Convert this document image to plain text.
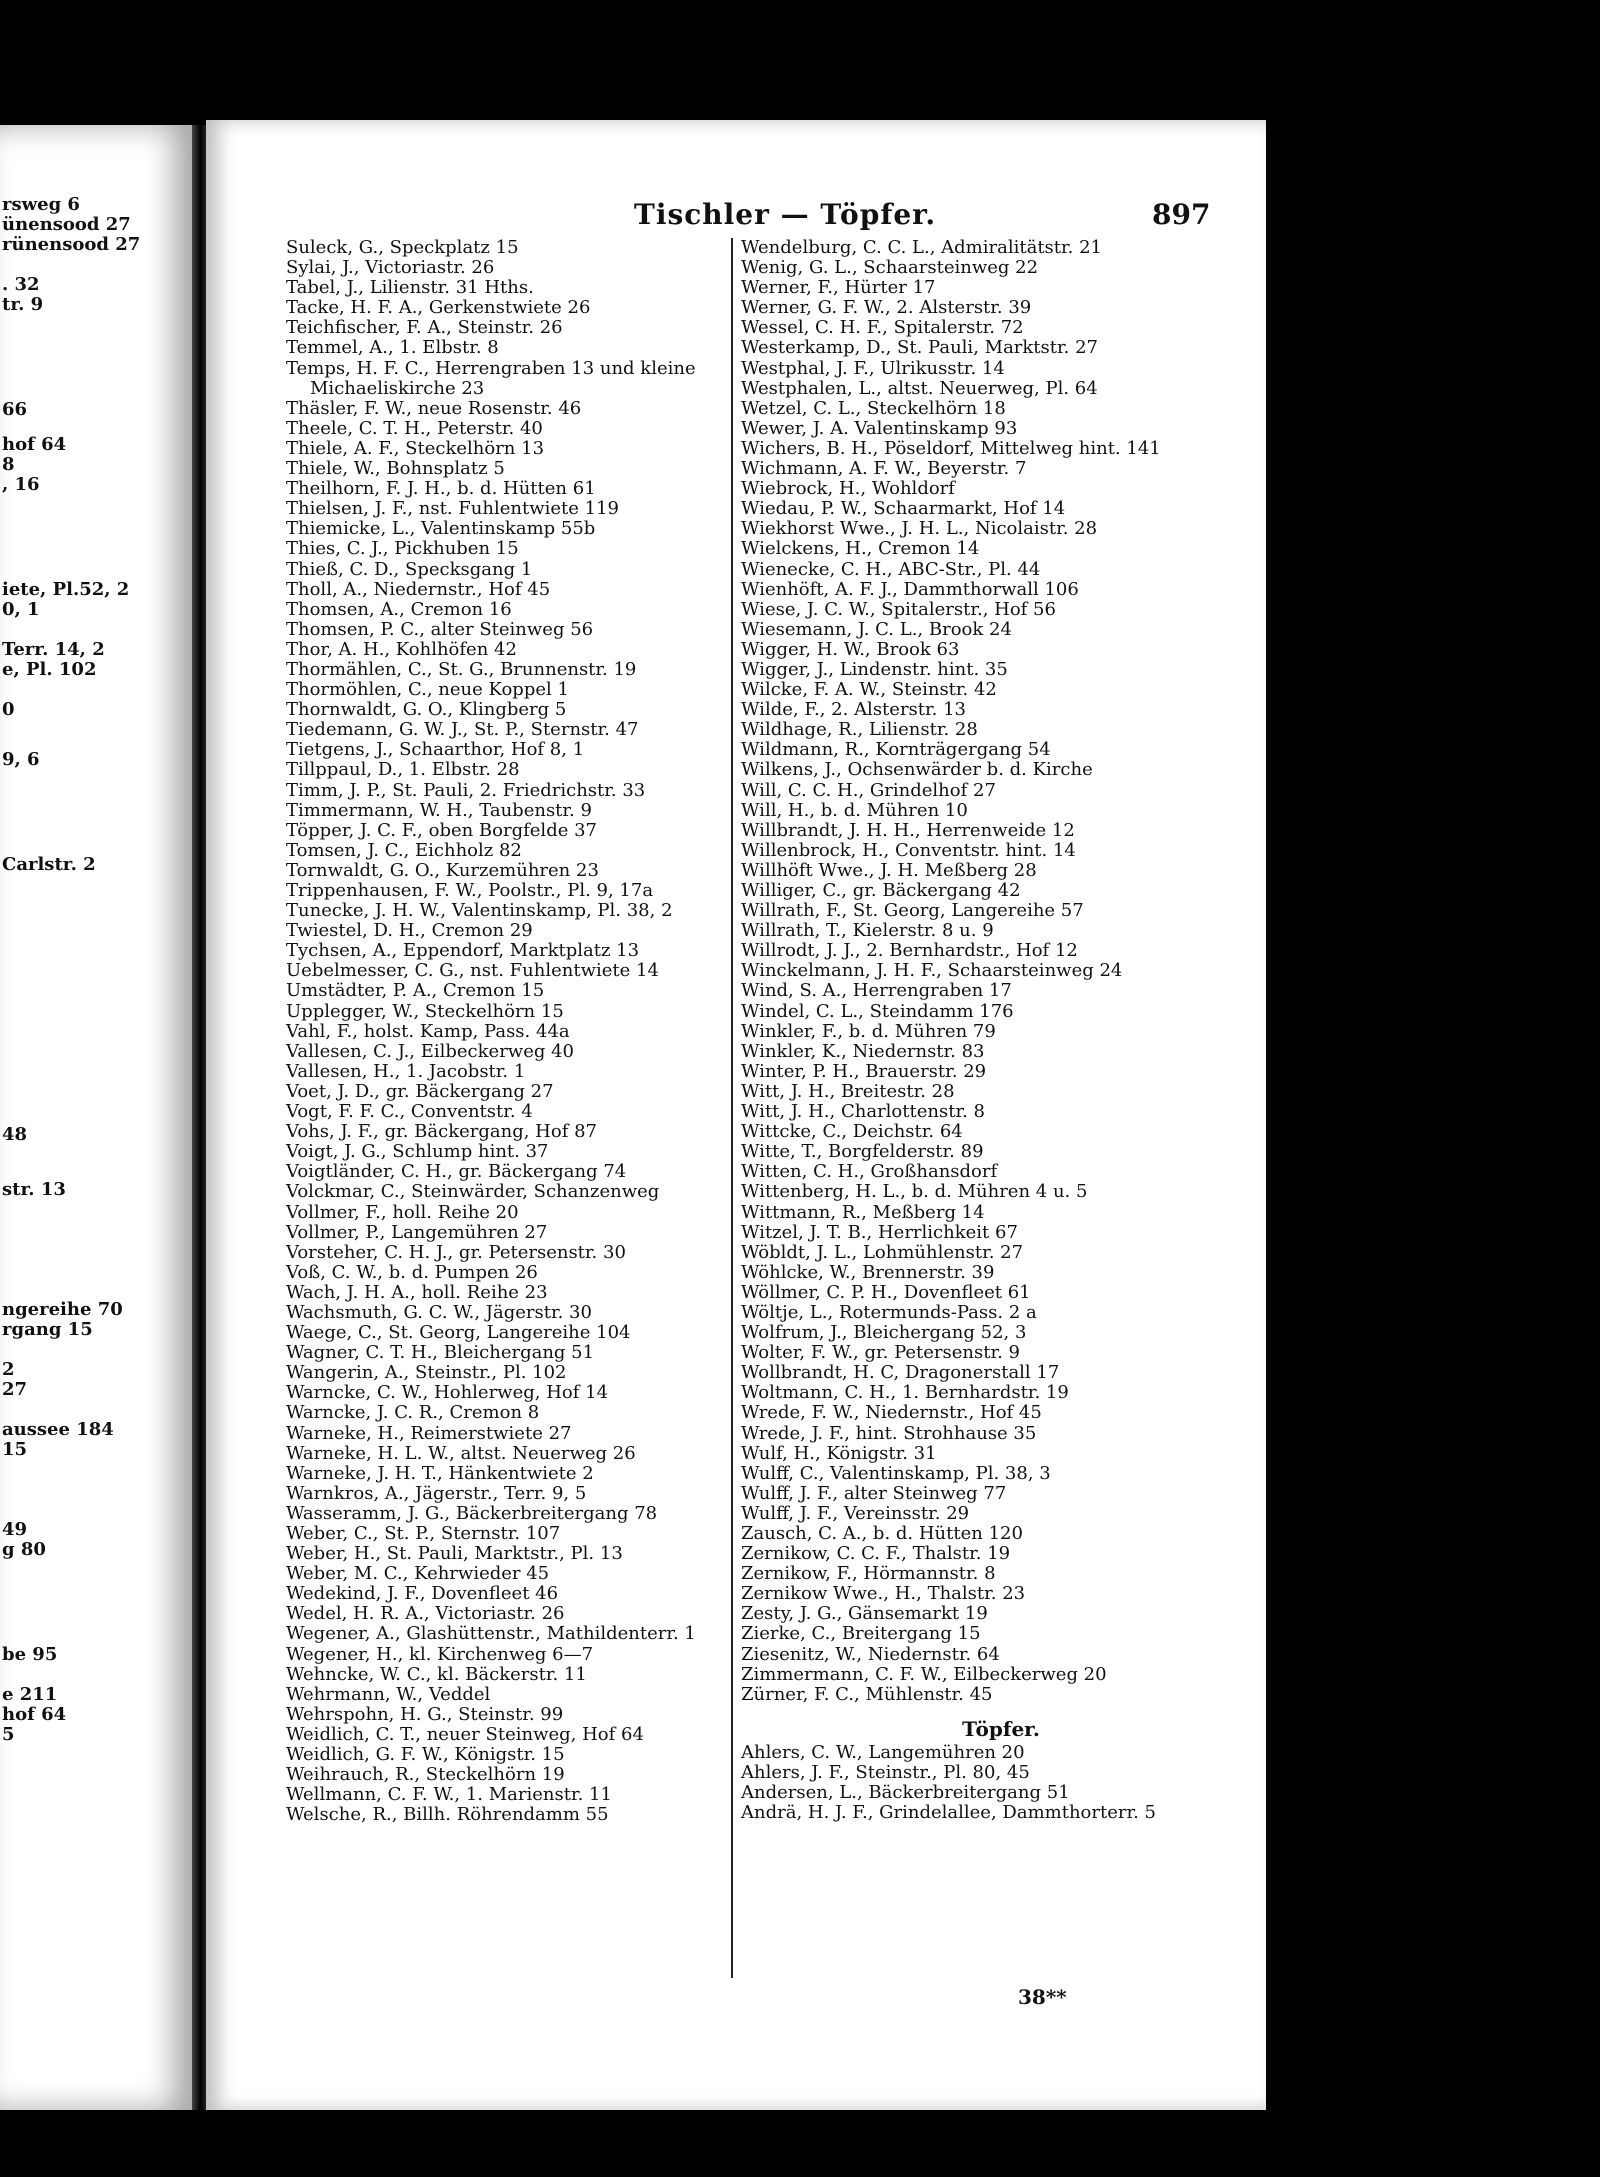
rsweg 6
ünensood 27
rünensood 27
. 32
tr. 9
66
hof 64
8
, 16
iete, Pl.52, 2
0, 1
Terr. 14, 2
e, Pl. 102
0
9, 6
Carlstr. 2
48
str. 13
ngereihe 70
rgang 15
2
27
aussee 184
15
49
g 80
be 95
e 211
hof 64
5
Tischler — Töpfer.	897
Suleck, G., Speckplatz 15
Sylai, J., Victoriastr. 26
Tabel, J., Lilienstr. 31 Hths.
Tacke, H. F. A., Gerkenstwiete 26
Teichfischer, F. A., Steinstr. 26
Temmel, A., 1. Elbstr. 8
Temps, H. F. C., Herrengraben 13 und kleine
Michaeliskirche 23
Thäsler, F. W., neue Rosenstr. 46
Theele, C. T. H., Peterstr. 40
Thiele, A. F., Steckelhörn 13
Thiele, W., Bohnsplatz 5
Theilhorn, F. J. H., b. d. Hütten 61
Thielsen, J. F., nst. Fuhlentwiete 119
Thiemicke, L., Valentinskamp 55b
Thies, C. J., Pickhuben 15
Thieß, C. D., Specksgang 1
Tholl, A., Niedernstr., Hof 45
Thomsen, A., Cremon 16
Thomsen, P. C., alter Steinweg 56
Thor, A. H., Kohlhöfen 42
Thormählen, C., St. G., Brunnenstr. 19
Thormöhlen, C., neue Koppel 1
Thornwaldt, G. O., Klingberg 5
Tiedemann, G. W. J., St. P., Sternstr. 47
Tietgens, J., Schaarthor, Hof 8, 1
Tillppaul, D., 1. Elbstr. 28
Timm, J. P., St. Pauli, 2. Friedrichstr. 33
Timmermann, W. H., Taubenstr. 9
Töpper, J. C. F., oben Borgfelde 37
Tomsen, J. C., Eichholz 82
Tornwaldt, G. O., Kurzemühren 23
Trippenhausen, F. W., Poolstr., Pl. 9, 17a
Tunecke, J. H. W., Valentinskamp, Pl. 38, 2
Twiestel, D. H., Cremon 29
Tychsen, A., Eppendorf, Marktplatz 13
Uebelmesser, C. G., nst. Fuhlentwiete 14
Umstädter, P. A., Cremon 15
Upplegger, W., Steckelhörn 15
Vahl, F., holst. Kamp, Pass. 44a
Vallesen, C. J., Eilbeckerweg 40
Vallesen, H., 1. Jacobstr. 1
Voet, J. D., gr. Bäckergang 27
Vogt, F. F. C., Conventstr. 4
Vohs, J. F., gr. Bäckergang, Hof 87
Voigt, J. G., Schlump hint. 37
Voigtländer, C. H., gr. Bäckergang 74
Volckmar, C., Steinwärder, Schanzenweg
Vollmer, F., holl. Reihe 20
Vollmer, P., Langemühren 27
Vorsteher, C. H. J., gr. Petersenstr. 30
Voß, C. W., b. d. Pumpen 26
Wach, J. H. A., holl. Reihe 23
Wachsmuth, G. C. W., Jägerstr. 30
Waege, C., St. Georg, Langereihe 104
Wagner, C. T. H., Bleichergang 51
Wangerin, A., Steinstr., Pl. 102
Warncke, C. W., Hohlerweg, Hof 14
Warncke, J. C. R., Cremon 8
Warneke, H., Reimerstwiete 27
Warneke, H. L. W., altst. Neuerweg 26
Warneke, J. H. T., Hänkentwiete 2
Warnkros, A., Jägerstr., Terr. 9, 5
Wasseramm, J. G., Bäckerbreitergang 78
Weber, C., St. P., Sternstr. 107
Weber, H., St. Pauli, Marktstr., Pl. 13
Weber, M. C., Kehrwieder 45
Wedekind, J. F., Dovenfleet 46
Wedel, H. R. A., Victoriastr. 26
Wegener, A., Glashüttenstr., Mathildenterr. 1
Wegener, H., kl. Kirchenweg 6—7
Wehncke, W. C., kl. Bäckerstr. 11
Wehrmann, W., Veddel
Wehrspohn, H. G., Steinstr. 99
Weidlich, C. T., neuer Steinweg, Hof 64
Weidlich, G. F. W., Königstr. 15
Weihrauch, R., Steckelhörn 19
Wellmann, C. F. W., 1. Marienstr. 11
Welsche, R., Billh. Röhrendamm 55
Wendelburg, C. C. L., Admiralitätstr. 21
Wenig, G. L., Schaarsteinweg 22
Werner, F., Hürter 17
Werner, G. F. W., 2. Alsterstr. 39
Wessel, C. H. F., Spitalerstr. 72
Westerkamp, D., St. Pauli, Marktstr. 27
Westphal, J. F., Ulrikusstr. 14
Westphalen, L., altst. Neuerweg, Pl. 64
Wetzel, C. L., Steckelhörn 18
Wewer, J. A. Valentinskamp 93
Wichers, B. H., Pöseldorf, Mittelweg hint. 141
Wichmann, A. F. W., Beyerstr. 7
Wiebrock, H., Wohldorf
Wiedau, P. W., Schaarmarkt, Hof 14
Wiekhorst Wwe., J. H. L., Nicolaistr. 28
Wielckens, H., Cremon 14
Wienecke, C. H., ABC-Str., Pl. 44
Wienhöft, A. F. J., Dammthorwall 106
Wiese, J. C. W., Spitalerstr., Hof 56
Wiesemann, J. C. L., Brook 24
Wigger, H. W., Brook 63
Wigger, J., Lindenstr. hint. 35
Wilcke, F. A. W., Steinstr. 42
Wilde, F., 2. Alsterstr. 13
Wildhage, R., Lilienstr. 28
Wildmann, R., Kornträgergang 54
Wilkens, J., Ochsenwärder b. d. Kirche
Will, C. C. H., Grindelhof 27
Will, H., b. d. Mühren 10
Willbrandt, J. H. H., Herrenweide 12
Willenbrock, H., Conventstr. hint. 14
Willhöft Wwe., J. H. Meßberg 28
Williger, C., gr. Bäckergang 42
Willrath, F., St. Georg, Langereihe 57
Willrath, T., Kielerstr. 8 u. 9
Willrodt, J. J., 2. Bernhardstr., Hof 12
Winckelmann, J. H. F., Schaarsteinweg 24
Wind, S. A., Herrengraben 17
Windel, C. L., Steindamm 176
Winkler, F., b. d. Mühren 79
Winkler, K., Niedernstr. 83
Winter, P. H., Brauerstr. 29
Witt, J. H., Breitestr. 28
Witt, J. H., Charlottenstr. 8
Wittcke, C., Deichstr. 64
Witte, T., Borgfelderstr. 89
Witten, C. H., Großhansdorf
Wittenberg, H. L., b. d. Mühren 4 u. 5
Wittmann, R., Meßberg 14
Witzel, J. T. B., Herrlichkeit 67
Wöbldt, J. L., Lohmühlenstr. 27
Wöhlcke, W., Brennerstr. 39
Wöllmer, C. P. H., Dovenfleet 61
Wöltje, L., Rotermunds-Pass. 2 a
Wolfrum, J., Bleichergang 52, 3
Wolter, F. W., gr. Petersenstr. 9
Wollbrandt, H. C, Dragonerstall 17
Woltmann, C. H., 1. Bernhardstr. 19
Wrede, F. W., Niedernstr., Hof 45
Wrede, J. F., hint. Strohhause 35
Wulf, H., Königstr. 31
Wulff, C., Valentinskamp, Pl. 38, 3
Wulff, J. F., alter Steinweg 77
Wulff, J. F., Vereinsstr. 29
Zausch, C. A., b. d. Hütten 120
Zernikow, C. C. F., Thalstr. 19
Zernikow, F., Hörmannstr. 8
Zernikow Wwe., H., Thalstr. 23
Zesty, J. G., Gänsemarkt 19
Zierke, C., Breitergang 15
Ziesenitz, W., Niedernstr. 64
Zimmermann, C. F. W., Eilbeckerweg 20
Zürner, F. C., Mühlenstr. 45
Töpfer.
Ahlers, C. W., Langemühren 20
Ahlers, J. F., Steinstr., Pl. 80, 45
Andersen, L., Bäckerbreitergang 51
Andrä, H. J. F., Grindelallee, Dammthorterr. 5
38**
